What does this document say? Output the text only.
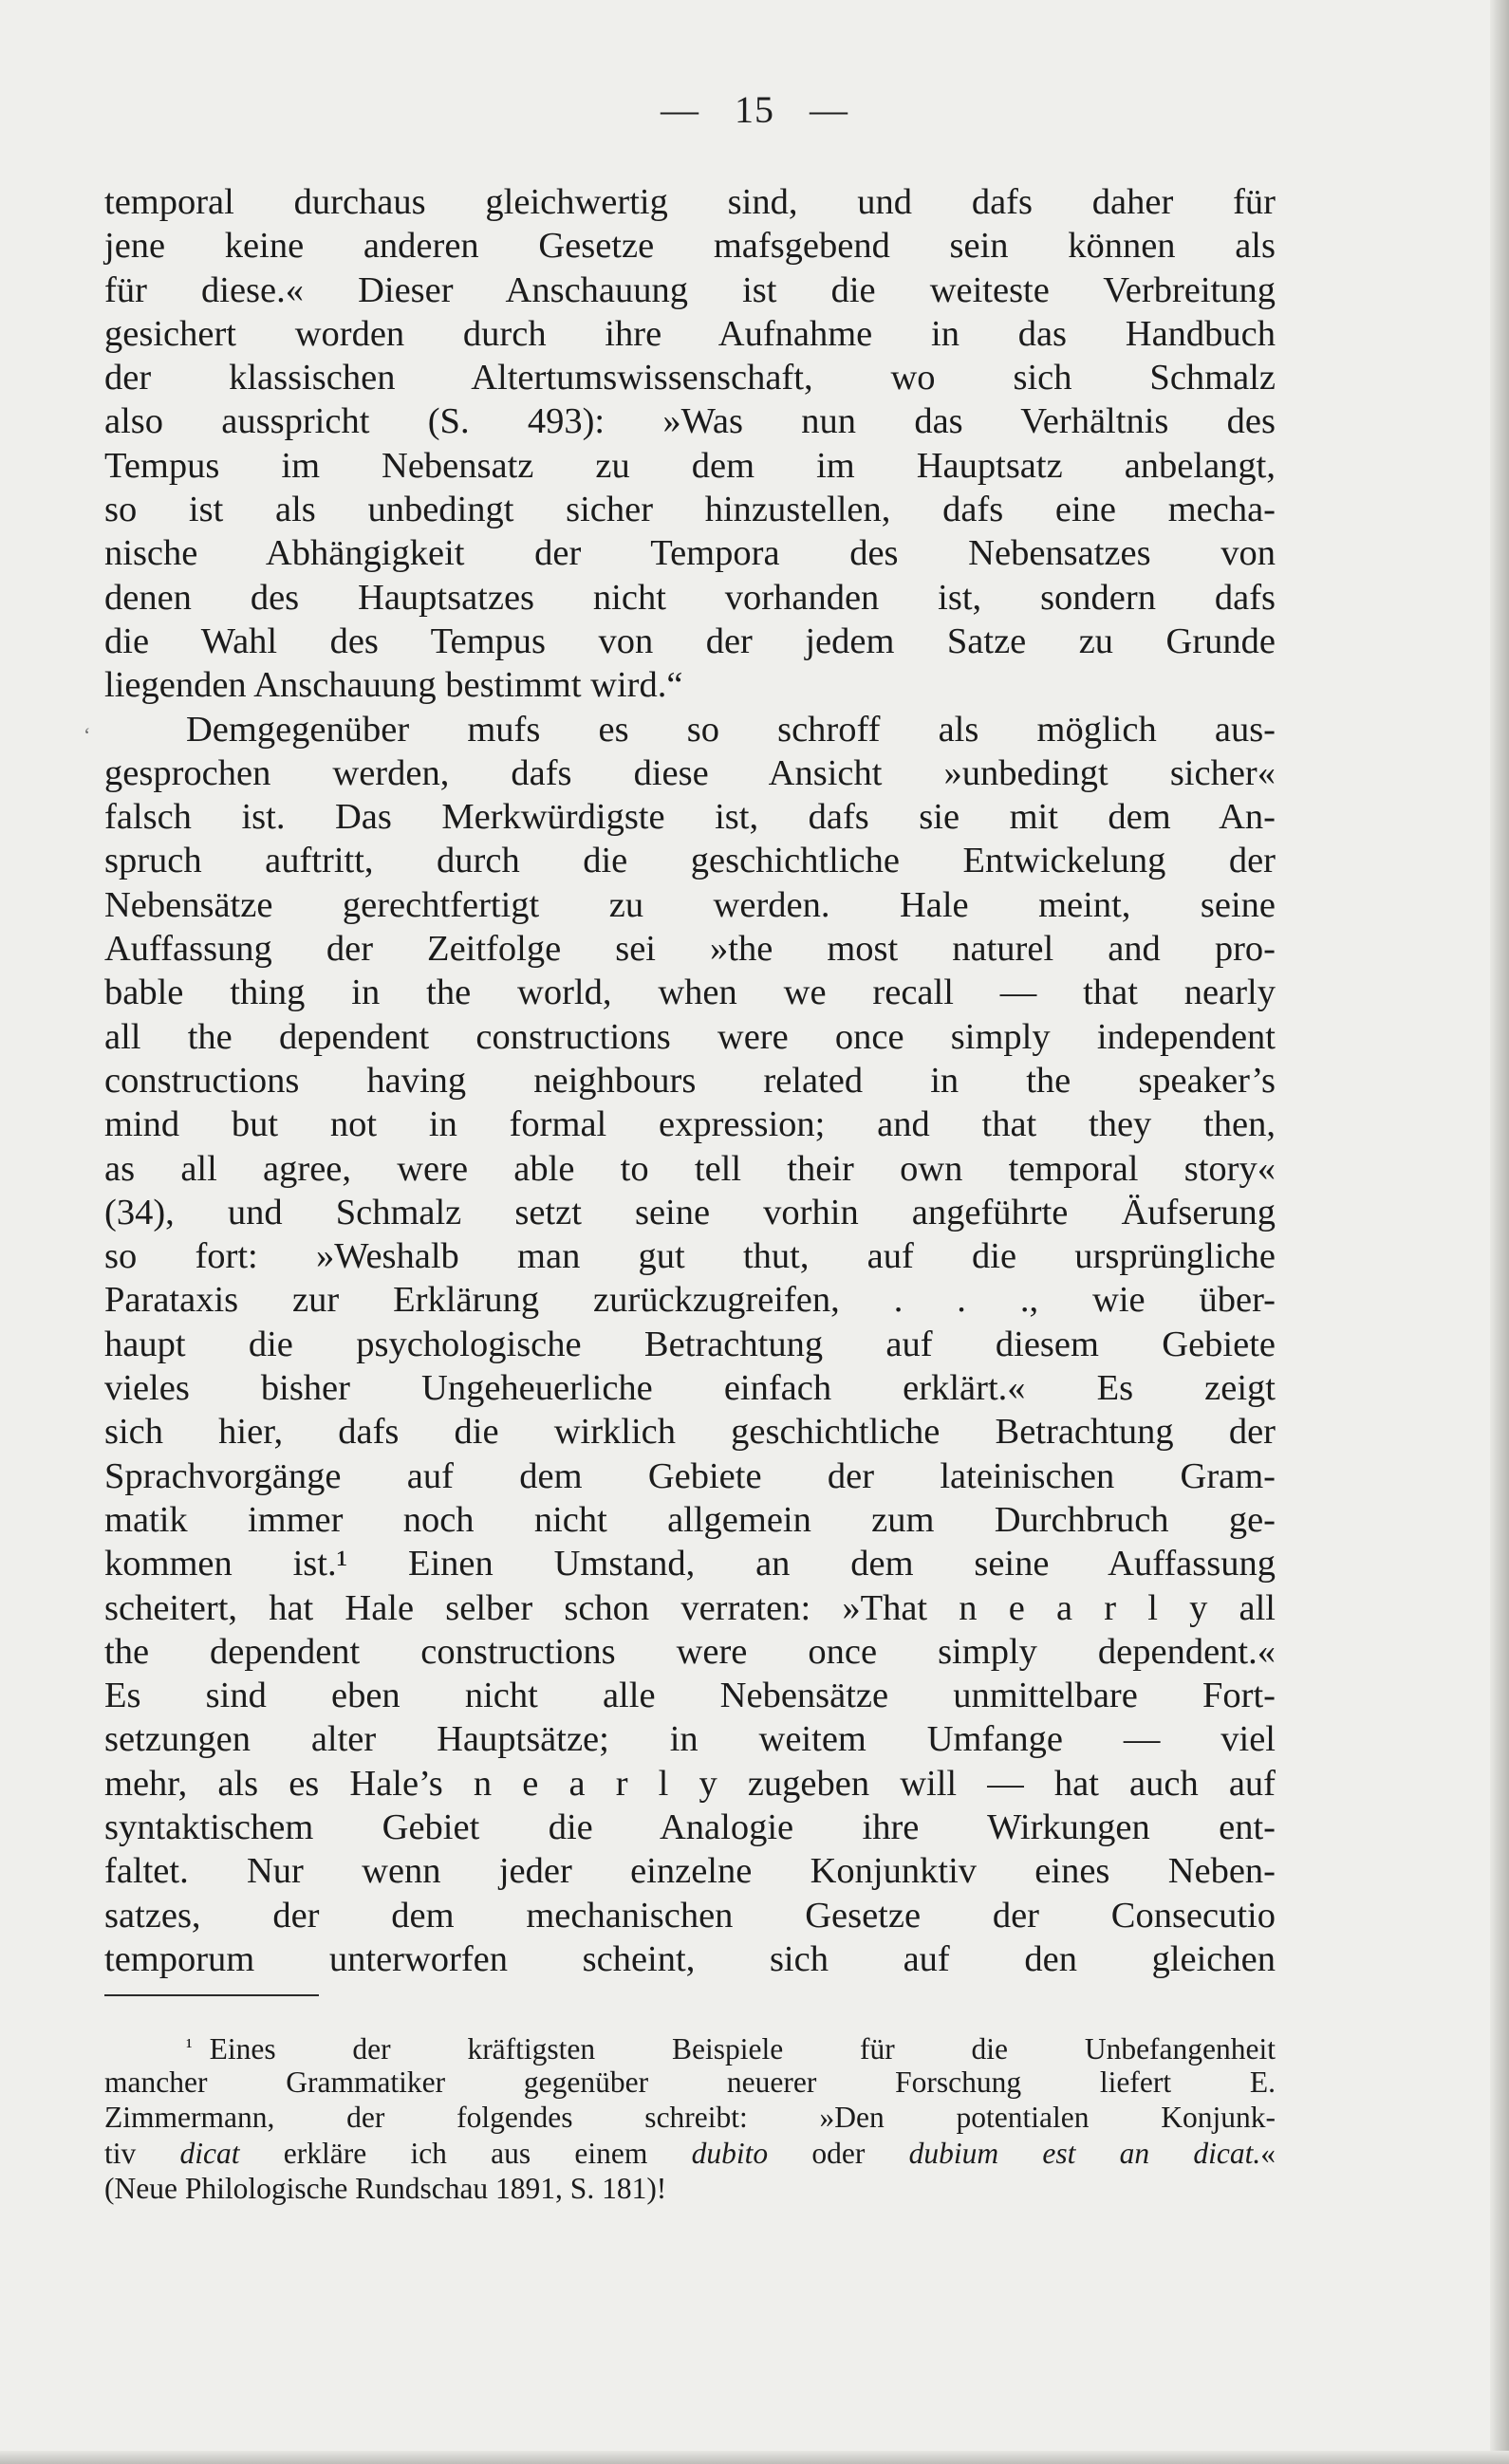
— 15 —
ʻ
temporal durchaus gleichwertig sind, und dafs daher für
jene keine anderen Gesetze mafsgebend sein können als
für diese.« Dieser Anschauung ist die weiteste Verbreitung
gesichert worden durch ihre Aufnahme in das Handbuch
der klassischen Altertumswissenschaft, wo sich Schmalz
also ausspricht (S. 493): »Was nun das Verhältnis des
Tempus im Nebensatz zu dem im Hauptsatz anbelangt,
so ist als unbedingt sicher hinzustellen, dafs eine mecha-
nische Abhängigkeit der Tempora des Nebensatzes von
denen des Hauptsatzes nicht vorhanden ist, sondern dafs
die Wahl des Tempus von der jedem Satze zu Grunde
liegenden Anschauung bestimmt wird.“
Demgegenüber mufs es so schroff als möglich aus-
gesprochen werden, dafs diese Ansicht »unbedingt sicher«
falsch ist. Das Merkwürdigste ist, dafs sie mit dem An-
spruch auftritt, durch die geschichtliche Entwickelung der
Nebensätze gerechtfertigt zu werden. Hale meint, seine
Auffassung der Zeitfolge sei »the most naturel and pro-
bable thing in the world, when we recall — that nearly
all the dependent constructions were once simply independent
constructions having neighbours related in the speaker’s
mind but not in formal expression; and that they then,
as all agree, were able to tell their own temporal story«
(34), und Schmalz setzt seine vorhin angeführte Äufserung
so fort: »Weshalb man gut thut, auf die ursprüngliche
Parataxis zur Erklärung zurückzugreifen, . . ., wie über-
haupt die psychologische Betrachtung auf diesem Gebiete
vieles bisher Ungeheuerliche einfach erklärt.« Es zeigt
sich hier, dafs die wirklich geschichtliche Betrachtung der
Sprachvorgänge auf dem Gebiete der lateinischen Gram-
matik immer noch nicht allgemein zum Durchbruch ge-
kommen ist.¹ Einen Umstand, an dem seine Auffassung
scheitert, hat Hale selber schon verraten: »That n e a r l y all
the dependent constructions were once simply dependent.«
Es sind eben nicht alle Nebensätze unmittelbare Fort-
setzungen alter Hauptsätze; in weitem Umfange — viel
mehr, als es Hale’s n e a r l y zugeben will — hat auch auf
syntaktischem Gebiet die Analogie ihre Wirkungen ent-
faltet. Nur wenn jeder einzelne Konjunktiv eines Neben-
satzes, der dem mechanischen Gesetze der Consecutio
temporum unterworfen scheint, sich auf den gleichen
¹ Eines der kräftigsten Beispiele für die Unbefangenheit
mancher Grammatiker gegenüber neuerer Forschung liefert E.
Zimmermann, der folgendes schreibt: »Den potentialen Konjunk-
tiv dicat erkläre ich aus einem dubito oder dubium est an dicat.«
(Neue Philologische Rundschau 1891, S. 181)!
